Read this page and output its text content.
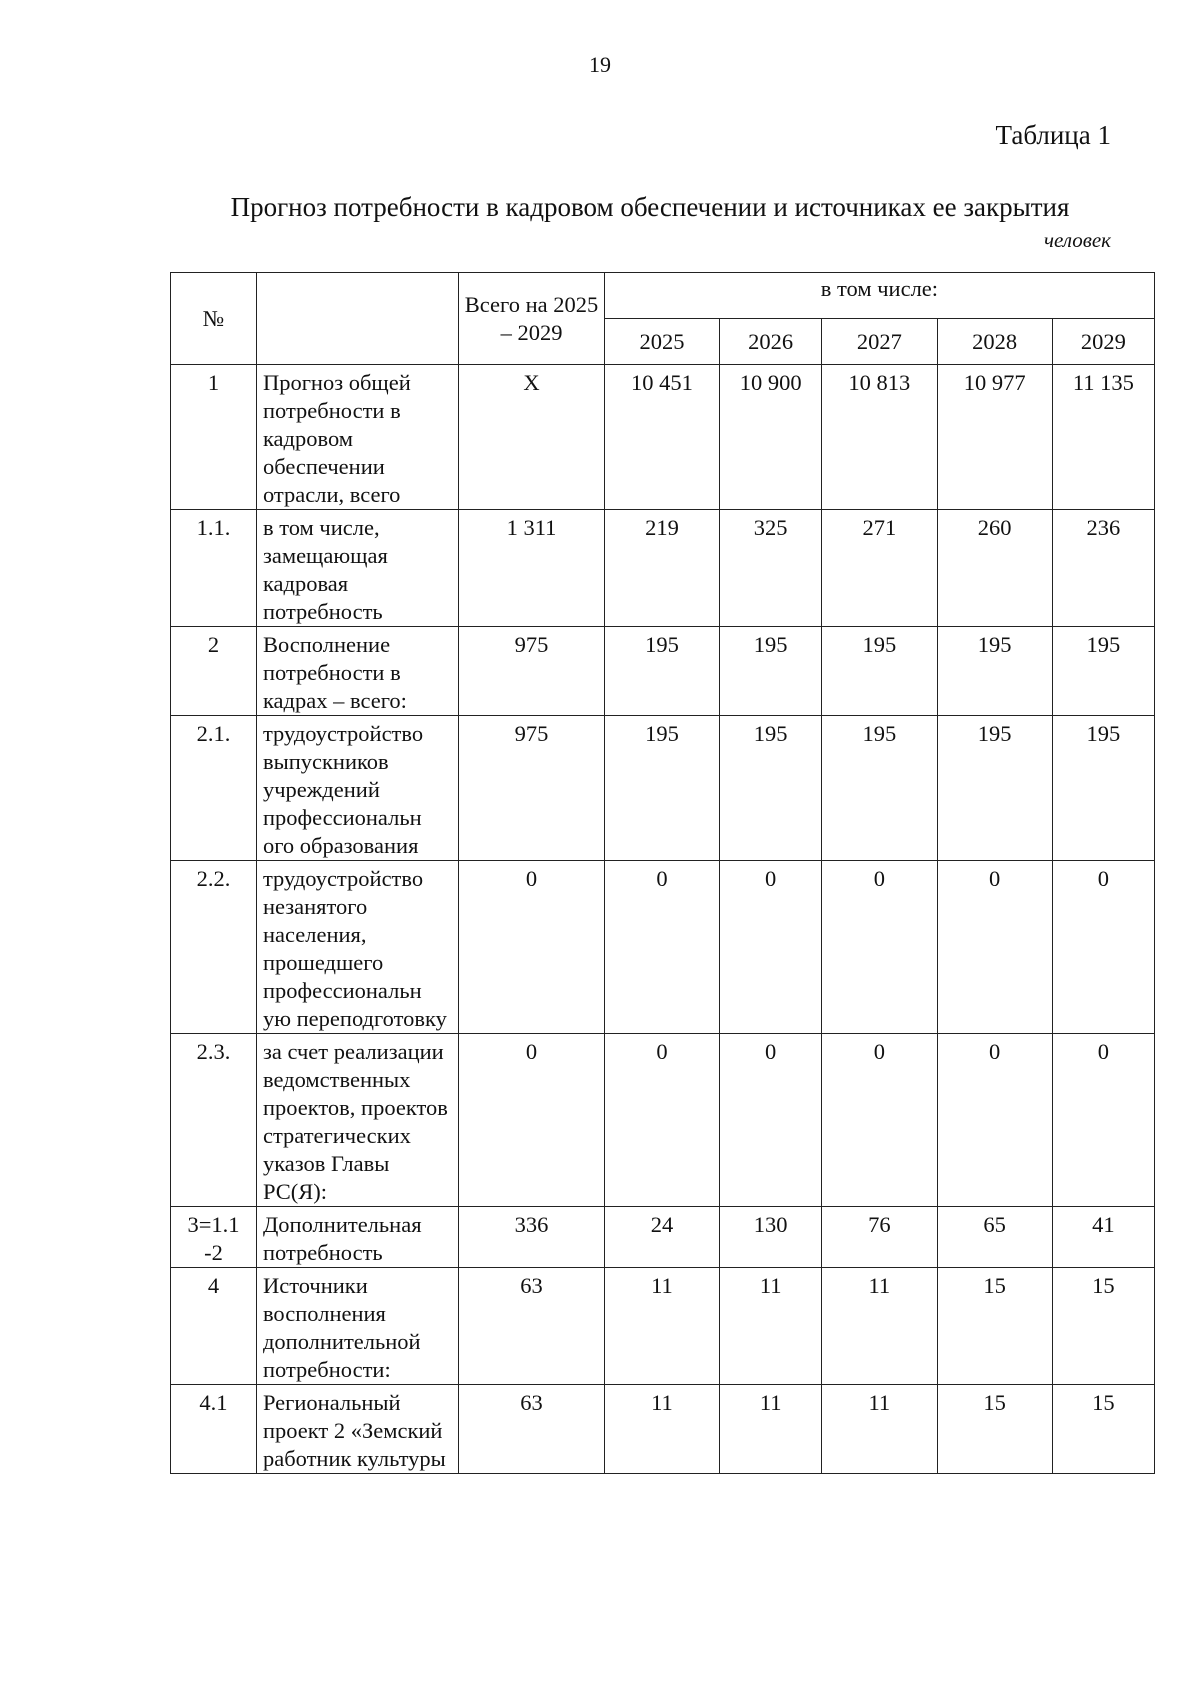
19
Таблица 1
Прогноз потребности в кадровом обеспечении и источниках ее закрытия
человек
№		Всего на 2025 – 2029	в том числе:				
			2025	2026	2027	2028	2029
1	Прогноз общей потребности в кадровом обеспечении отрасли, всего	Х	10 451	10 900	10 813	10 977	11 135
1.1.	в том числе, замещающая кадровая потребность	1 311	219	325	271	260	236
2	Восполнение потребности в кадрах – всего:	975	195	195	195	195	195
2.1.	трудоустройство выпускников учреждений профессиональн ого образования	975	195	195	195	195	195
2.2.	трудоустройство незанятого населения, прошедшего профессиональн ую переподготовку	0	0	0	0	0	0
2.3.	за счет реализации ведомственных проектов, проектов стратегических указов Главы РС(Я):	0	0	0	0	0	0
3=1.1 -2	Дополнительная потребность	336	24	130	76	65	41
4	Источники восполнения дополнительной потребности:	63	11	11	11	15	15
4.1	Региональный проект 2 «Земский работник культуры	63	11	11	11	15	15
